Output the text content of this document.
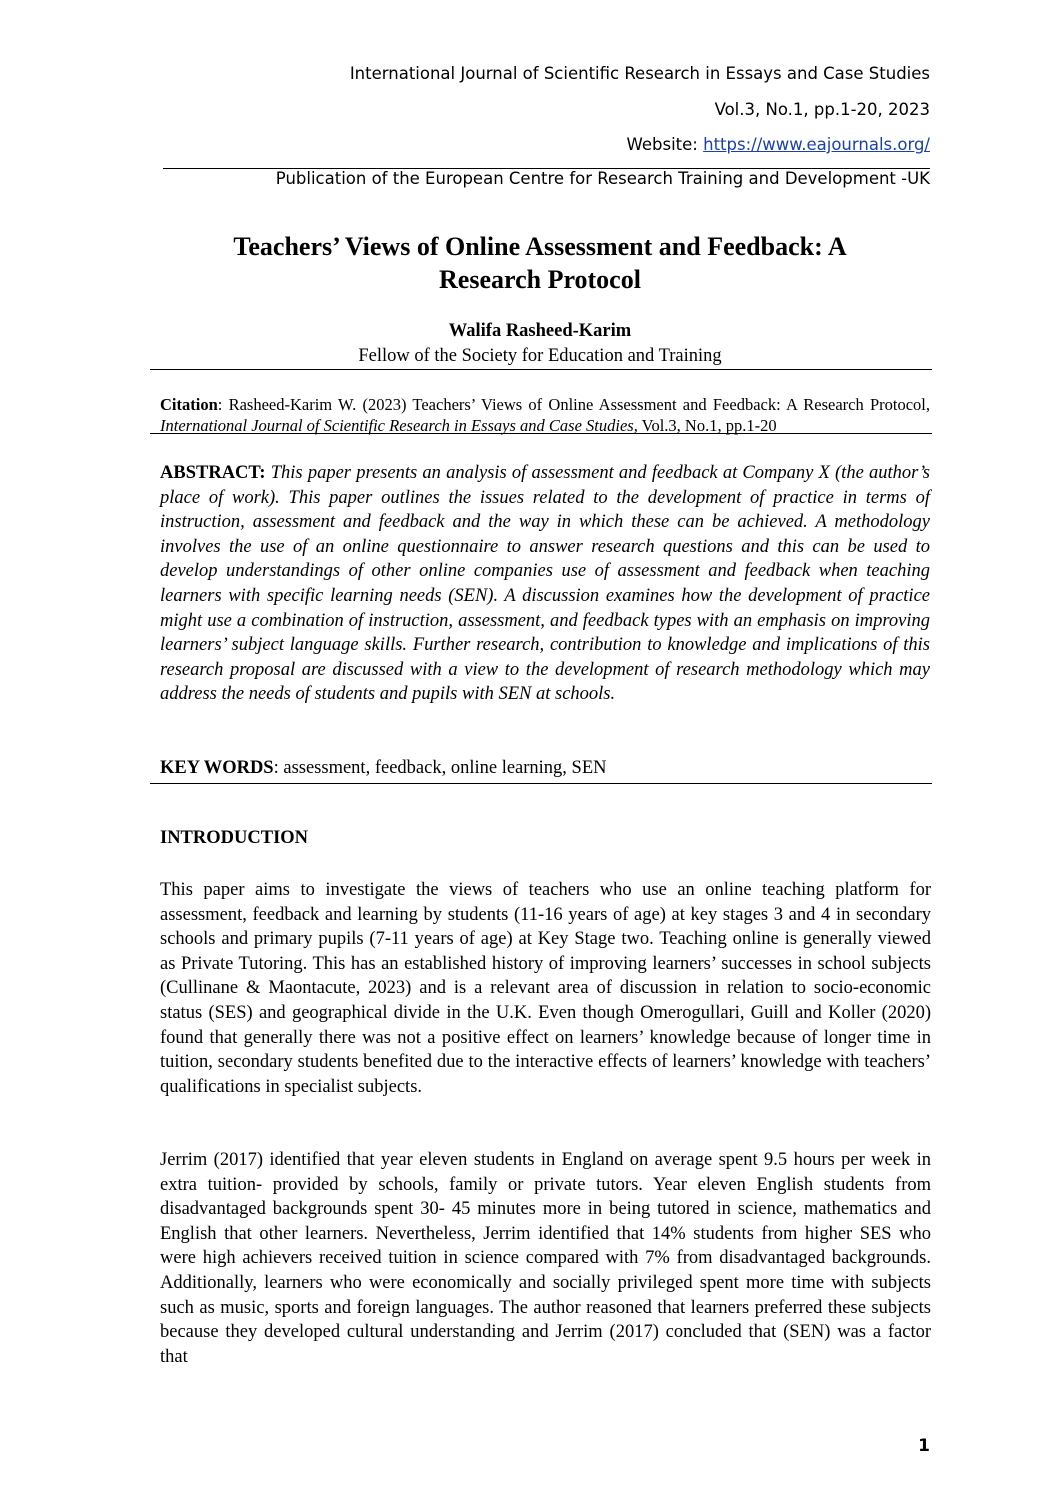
International Journal of Scientific Research in Essays and Case Studies
Vol.3, No.1, pp.1-20, 2023
Website: https://www.eajournals.org/
Publication of the European Centre for Research Training and Development -UK
Teachers’ Views of Online Assessment and Feedback: A
Research Protocol
Walifa Rasheed-Karim
Fellow of the Society for Education and Training
Citation: Rasheed-Karim W. (2023) Teachers’ Views of Online Assessment and Feedback: A Research Protocol, International Journal of Scientific Research in Essays and Case Studies, Vol.3, No.1, pp.1-20
ABSTRACT: This paper presents an analysis of assessment and feedback at Company X (the author’s place of work). This paper outlines the issues related to the development of practice in terms of instruction, assessment and feedback and the way in which these can be achieved. A methodology involves the use of an online questionnaire to answer research questions and this can be used to develop understandings of other online companies use of assessment and feedback when teaching learners with specific learning needs (SEN). A discussion examines how the development of practice might use a combination of instruction, assessment, and feedback types with an emphasis on improving learners’ subject language skills. Further research, contribution to knowledge and implications of this research proposal are discussed with a view to the development of research methodology which may address the needs of students and pupils with SEN at schools.
KEY WORDS: assessment, feedback, online learning, SEN
INTRODUCTION

This paper aims to investigate the views of teachers who use an online teaching platform for assessment, feedback and learning by students (11-16 years of age) at key stages 3 and 4 in secondary schools and primary pupils (7-11 years of age) at Key Stage two. Teaching online is generally viewed as Private Tutoring. This has an established history of improving learners’ successes in school subjects (Cullinane & Maontacute, 2023) and is a relevant area of discussion in relation to socio-economic status (SES) and geographical divide in the U.K. Even though Omerogullari, Guill and Koller (2020) found that generally there was not a positive effect on learners’ knowledge because of longer time in tuition, secondary students benefited due to the interactive effects of learners’ knowledge with teachers’ qualifications in specialist subjects.

Jerrim (2017) identified that year eleven students in England on average spent 9.5 hours per week in extra tuition- provided by schools, family or private tutors. Year eleven English students from disadvantaged backgrounds spent 30- 45 minutes more in being tutored in science, mathematics and English that other learners. Nevertheless, Jerrim identified that 14% students from higher SES who were high achievers received tuition in science compared with 7% from disadvantaged backgrounds. Additionally, learners who were economically and socially privileged spent more time with subjects such as music, sports and foreign languages. The author reasoned that learners preferred these subjects because they developed cultural understanding and Jerrim (2017) concluded that (SEN) was a factor that

1
